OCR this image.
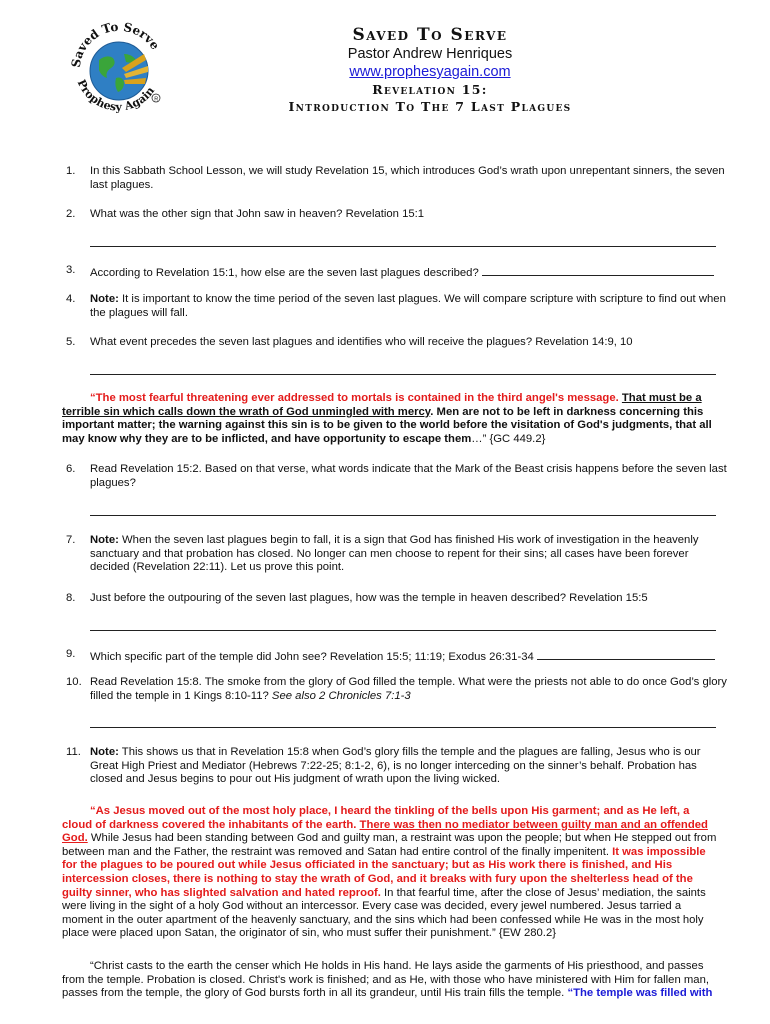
Saved To Serve
Prophesy Again
R
Saved To Serve
Pastor Andrew Henriques
www.prophesyagain.com
Revelation 15:
Introduction To The 7 Last Plagues
1.	In this Sabbath School Lesson, we will study Revelation 15, which introduces God’s wrath upon unrepentant sinners, the seven last plagues.
2.	What was the other sign that John saw in heaven? Revelation 15:1
3.	According to Revelation 15:1, how else are the seven last plagues described?
4.	Note: It is important to know the time period of the seven last plagues. We will compare scripture with scripture to find out when the plagues will fall.
5.	What event precedes the seven last plagues and identifies who will receive the plagues? Revelation 14:9, 10
“The most fearful threatening ever addressed to mortals is contained in the third angel's message. That must be a terrible sin which calls down the wrath of God unmingled with mercy. Men are not to be left in darkness concerning this important matter; the warning against this sin is to be given to the world before the visitation of God's judgments, that all may know why they are to be inflicted, and have opportunity to escape them…” {GC 449.2}
6.	Read Revelation 15:2. Based on that verse, what words indicate that the Mark of the Beast crisis happens before the seven last plagues?
7.	Note: When the seven last plagues begin to fall, it is a sign that God has finished His work of investigation in the heavenly sanctuary and that probation has closed. No longer can men choose to repent for their sins; all cases have been forever decided (Revelation 22:11). Let us prove this point.
8.	Just before the outpouring of the seven last plagues, how was the temple in heaven described? Revelation 15:5
9.	Which specific part of the temple did John see? Revelation 15:5; 11:19; Exodus 26:31-34
10. Read Revelation 15:8. The smoke from the glory of God filled the temple. What were the priests not able to do once God’s glory filled the temple in 1 Kings 8:10-11? See also 2 Chronicles 7:1-3
11. Note: This shows us that in Revelation 15:8 when God’s glory fills the temple and the plagues are falling, Jesus who is our Great High Priest and Mediator (Hebrews 7:22-25; 8:1-2, 6), is no longer interceding on the sinner’s behalf. Probation has closed and Jesus begins to pour out His judgment of wrath upon the living wicked.
“As Jesus moved out of the most holy place, I heard the tinkling of the bells upon His garment; and as He left, a cloud of darkness covered the inhabitants of the earth. There was then no mediator between guilty man and an offended God. While Jesus had been standing between God and guilty man, a restraint was upon the people; but when He stepped out from between man and the Father, the restraint was removed and Satan had entire control of the finally impenitent. It was impossible for the plagues to be poured out while Jesus officiated in the sanctuary; but as His work there is finished, and His intercession closes, there is nothing to stay the wrath of God, and it breaks with fury upon the shelterless head of the guilty sinner, who has slighted salvation and hated reproof. In that fearful time, after the close of Jesus’ mediation, the saints were living in the sight of a holy God without an intercessor. Every case was decided, every jewel numbered. Jesus tarried a moment in the outer apartment of the heavenly sanctuary, and the sins which had been confessed while He was in the most holy place were placed upon Satan, the originator of sin, who must suffer their punishment.” {EW 280.2}
“Christ casts to the earth the censer which He holds in His hand. He lays aside the garments of His priesthood, and passes from the temple. Probation is closed. Christ's work is finished; and as He, with those who have ministered with Him for fallen man, passes from the temple, the glory of God bursts forth in all its grandeur, until His train fills the temple. “The temple was filled with
